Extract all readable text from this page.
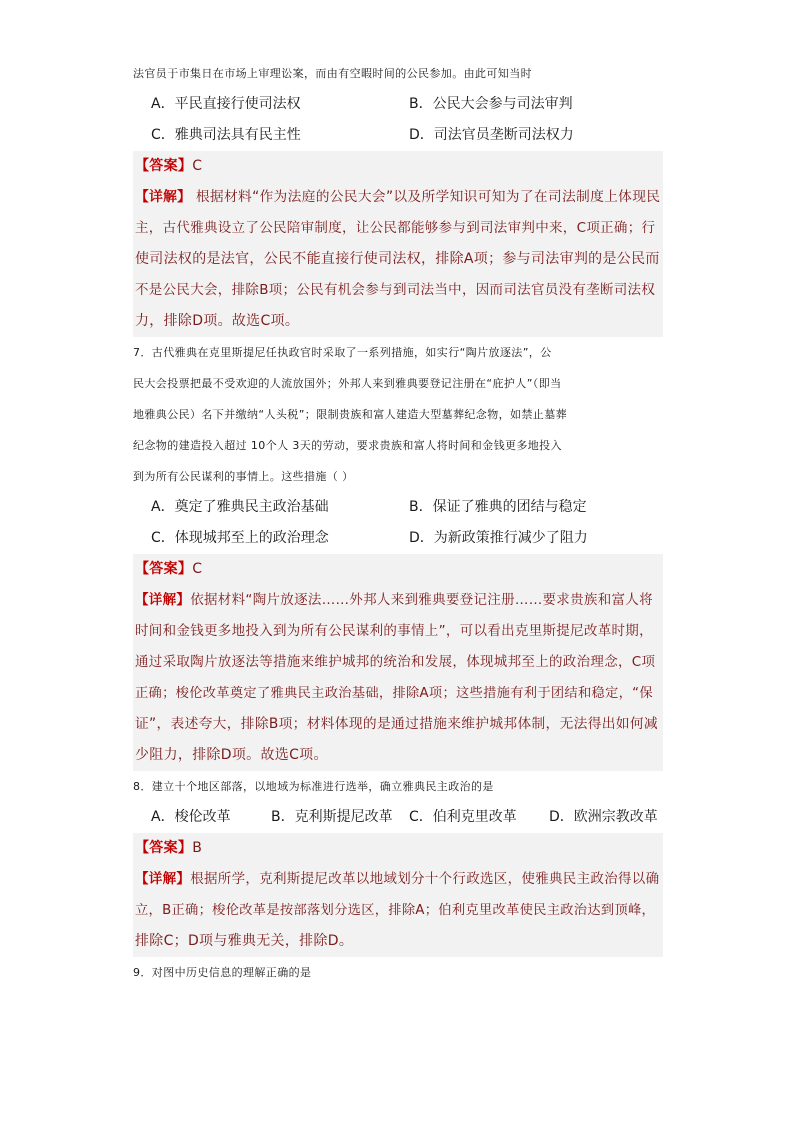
法官员于市集日在市场上审理讼案，而由有空暇时间的公民参加。由此可知当时
A．平民直接行使司法权	B．公民大会参与司法审判
C．雅典司法具有民主性	D．司法官员垄断司法权力
【答案】C
【详解】 根据材料“作为法庭的公民大会”以及所学知识可知为了在司法制度上体现民
主，古代雅典设立了公民陪审制度，让公民都能够参与到司法审判中来，C项正确；行
使司法权的是法官，公民不能直接行使司法权，排除A项；参与司法审判的是公民而
不是公民大会，排除B项；公民有机会参与到司法当中，因而司法官员没有垄断司法权
力，排除D项。故选C项。
7．古代雅典在克里斯提尼任执政官时采取了一系列措施，如实行“陶片放逐法”，公
民大会投票把最不受欢迎的人流放国外；外邦人来到雅典要登记注册在“庇护人”（即当
地雅典公民）名下并缴纳“人头税”；限制贵族和富人建造大型墓葬纪念物，如禁止墓葬
纪念物的建造投入超过 10个人 3天的劳动，要求贵族和富人将时间和金钱更多地投入
到为所有公民谋利的事情上。这些措施（ ）
A．奠定了雅典民主政治基础	B．保证了雅典的团结与稳定
C．体现城邦至上的政治理念	D．为新政策推行减少了阻力
【答案】C
【详解】依据材料“陶片放逐法……外邦人来到雅典要登记注册……要求贵族和富人将
时间和金钱更多地投入到为所有公民谋利的事情上”，可以看出克里斯提尼改革时期，
通过采取陶片放逐法等措施来维护城邦的统治和发展，体现城邦至上的政治理念，C项
正确；梭伦改革奠定了雅典民主政治基础，排除A项；这些措施有利于团结和稳定，“保
证”，表述夸大，排除B项；材料体现的是通过措施来维护城邦体制，无法得出如何减
少阻力，排除D项。故选C项。
8．建立十个地区部落，以地域为标准进行选举，确立雅典民主政治的是
A．梭伦改革	B．克利斯提尼改革 C．伯利克里改革 D．欧洲宗教改革
【答案】B
【详解】根据所学，克利斯提尼改革以地域划分十个行政选区，使雅典民主政治得以确
立，B正确；梭伦改革是按部落划分选区，排除A；伯利克里改革使民主政治达到顶峰，
排除C；D项与雅典无关，排除D。
9．对图中历史信息的理解正确的是
